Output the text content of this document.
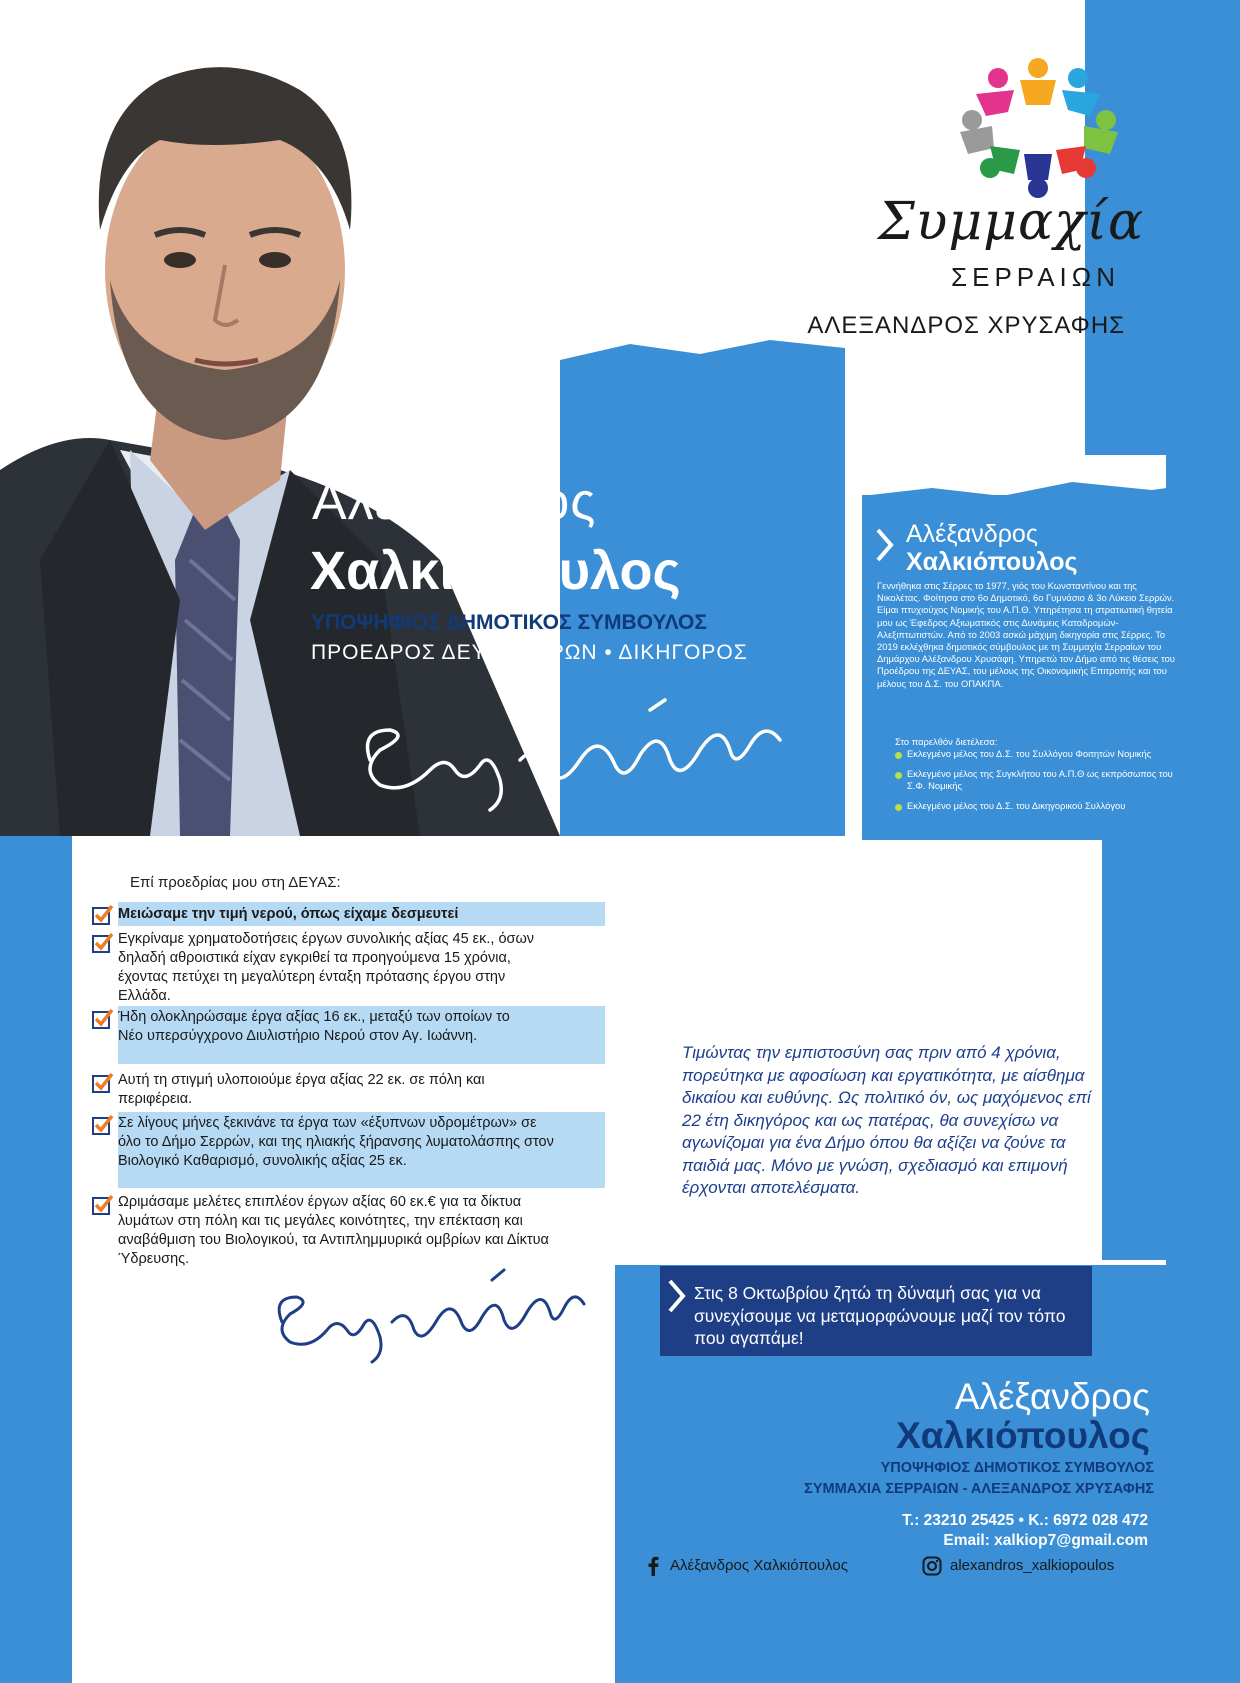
Συμμαχία
ΣΕΡΡΑΙΩΝ
ΑΛΕΞΑΝΔΡΟΣ ΧΡΥΣΑΦΗΣ
Αλέξανδρος
Χαλκιόπουλος
ΥΠΟΨΗΦΙΟΣ ΔΗΜΟΤΙΚΟΣ ΣΥΜΒΟΥΛΟΣ
ΠΡΟΕΔΡΟΣ ΔΕΥΑ ΣΕΡΡΩΝ • ΔΙΚΗΓΟΡΟΣ
Αλέξανδρος
Χαλκιόπουλος
Γεννήθηκα στις Σέρρες το 1977, γιός του Κωνσταντίνου και της Νικολέτας. Φοίτησα στο 6ο Δημοτικό, 6ο Γυμνάσιο & 3ο Λύκειο Σερρών. Είμαι πτυχιούχος Νομικής του Α.Π.Θ. Υπηρέτησα τη στρατιωτική θητεία μου ως Έφεδρος Αξιωματικός στις Δυνάμεις Καταδρομών-Αλεξιπτωτιστών. Από το 2003 ασκώ μάχιμη δικηγορία στις Σέρρες. Το 2019 εκλέχθηκα δημοτικός σύμβουλος με τη Συμμαχία Σερραίων του Δημάρχου Αλέξανδρου Χρυσάφη. Υπηρετώ τον Δήμο από τις θέσεις του Προέδρου της ΔΕΥΑΣ, του μέλους της Οικονομικής Επιτροπής και του μέλους του Δ.Σ. του ΟΠΑΚΠΑ.
Στο παρελθόν διετέλεσα:
Εκλεγμένο μέλος του Δ.Σ. του Συλλόγου Φοιτητών Νομικής
Εκλεγμένο μέλος της Συγκλήτου του Α.Π.Θ ως εκπρόσωπος του Σ.Φ. Νομικής
Εκλεγμένο μέλος του Δ.Σ. του Δικηγορικού Συλλόγου
Επί προεδρίας μου στη ΔΕΥΑΣ:
Μειώσαμε την τιμή νερού, όπως είχαμε δεσμευτεί
Εγκρίναμε χρηματοδοτήσεις έργων συνολικής αξίας 45 εκ., όσων δηλαδή αθροιστικά είχαν εγκριθεί τα προηγούμενα 15 χρόνια, έχοντας πετύχει τη μεγαλύτερη ένταξη πρότασης έργου στην Ελλάδα.
Ήδη ολοκληρώσαμε έργα αξίας 16 εκ., μεταξύ των οποίων το Νέο υπερσύγχρονο Διυλιστήριο Νερού στον Αγ. Ιωάννη.
Αυτή τη στιγμή υλοποιούμε έργα αξίας 22 εκ. σε πόλη και περιφέρεια.
Σε λίγους μήνες ξεκινάνε τα έργα των «έξυπνων υδρομέτρων» σε όλο το Δήμο Σερρών, και της ηλιακής ξήρανσης λυματολάσπης στον Βιολογικό Καθαρισμό, συνολικής αξίας 25 εκ.
Ωριμάσαμε μελέτες επιπλέον έργων αξίας 60 εκ.€ για τα δίκτυα λυμάτων στη πόλη και τις μεγάλες κοινότητες, την επέκταση και αναβάθμιση του Βιολογικού, τα Αντιπλημμυρικά ομβρίων και Δίκτυα Ύδρευσης.
Τιμώντας την εμπιστοσύνη σας πριν από 4 χρόνια, πορεύτηκα με αφοσίωση και εργατικότητα, με αίσθημα δικαίου και ευθύνης. Ως πολιτικό όν, ως μαχόμενος επί 22 έτη δικηγόρος και ως πατέρας, θα συνεχίσω να αγωνίζομαι για ένα Δήμο όπου θα αξίζει να ζούνε τα παιδιά μας. Μόνο με γνώση, σχεδιασμό και επιμονή έρχονται αποτελέσματα.
Στις 8 Οκτωβρίου ζητώ τη δύναμή σας για να συνεχίσουμε να μεταμορφώνουμε μαζί τον τόπο που αγαπάμε!
Αλέξανδρος
Χαλκιόπουλος
ΥΠΟΨΗΦΙΟΣ ΔΗΜΟΤΙΚΟΣ ΣΥΜΒΟΥΛΟΣ
ΣΥΜΜΑΧΙΑ ΣΕΡΡΑΙΩΝ - ΑΛΕΞΑΝΔΡΟΣ ΧΡΥΣΑΦΗΣ
T.: 23210 25425 • K.: 6972 028 472
Email: xalkiop7@gmail.com
Αλέξανδρος Χαλκιόπουλος	alexandros_xalkiopoulos
